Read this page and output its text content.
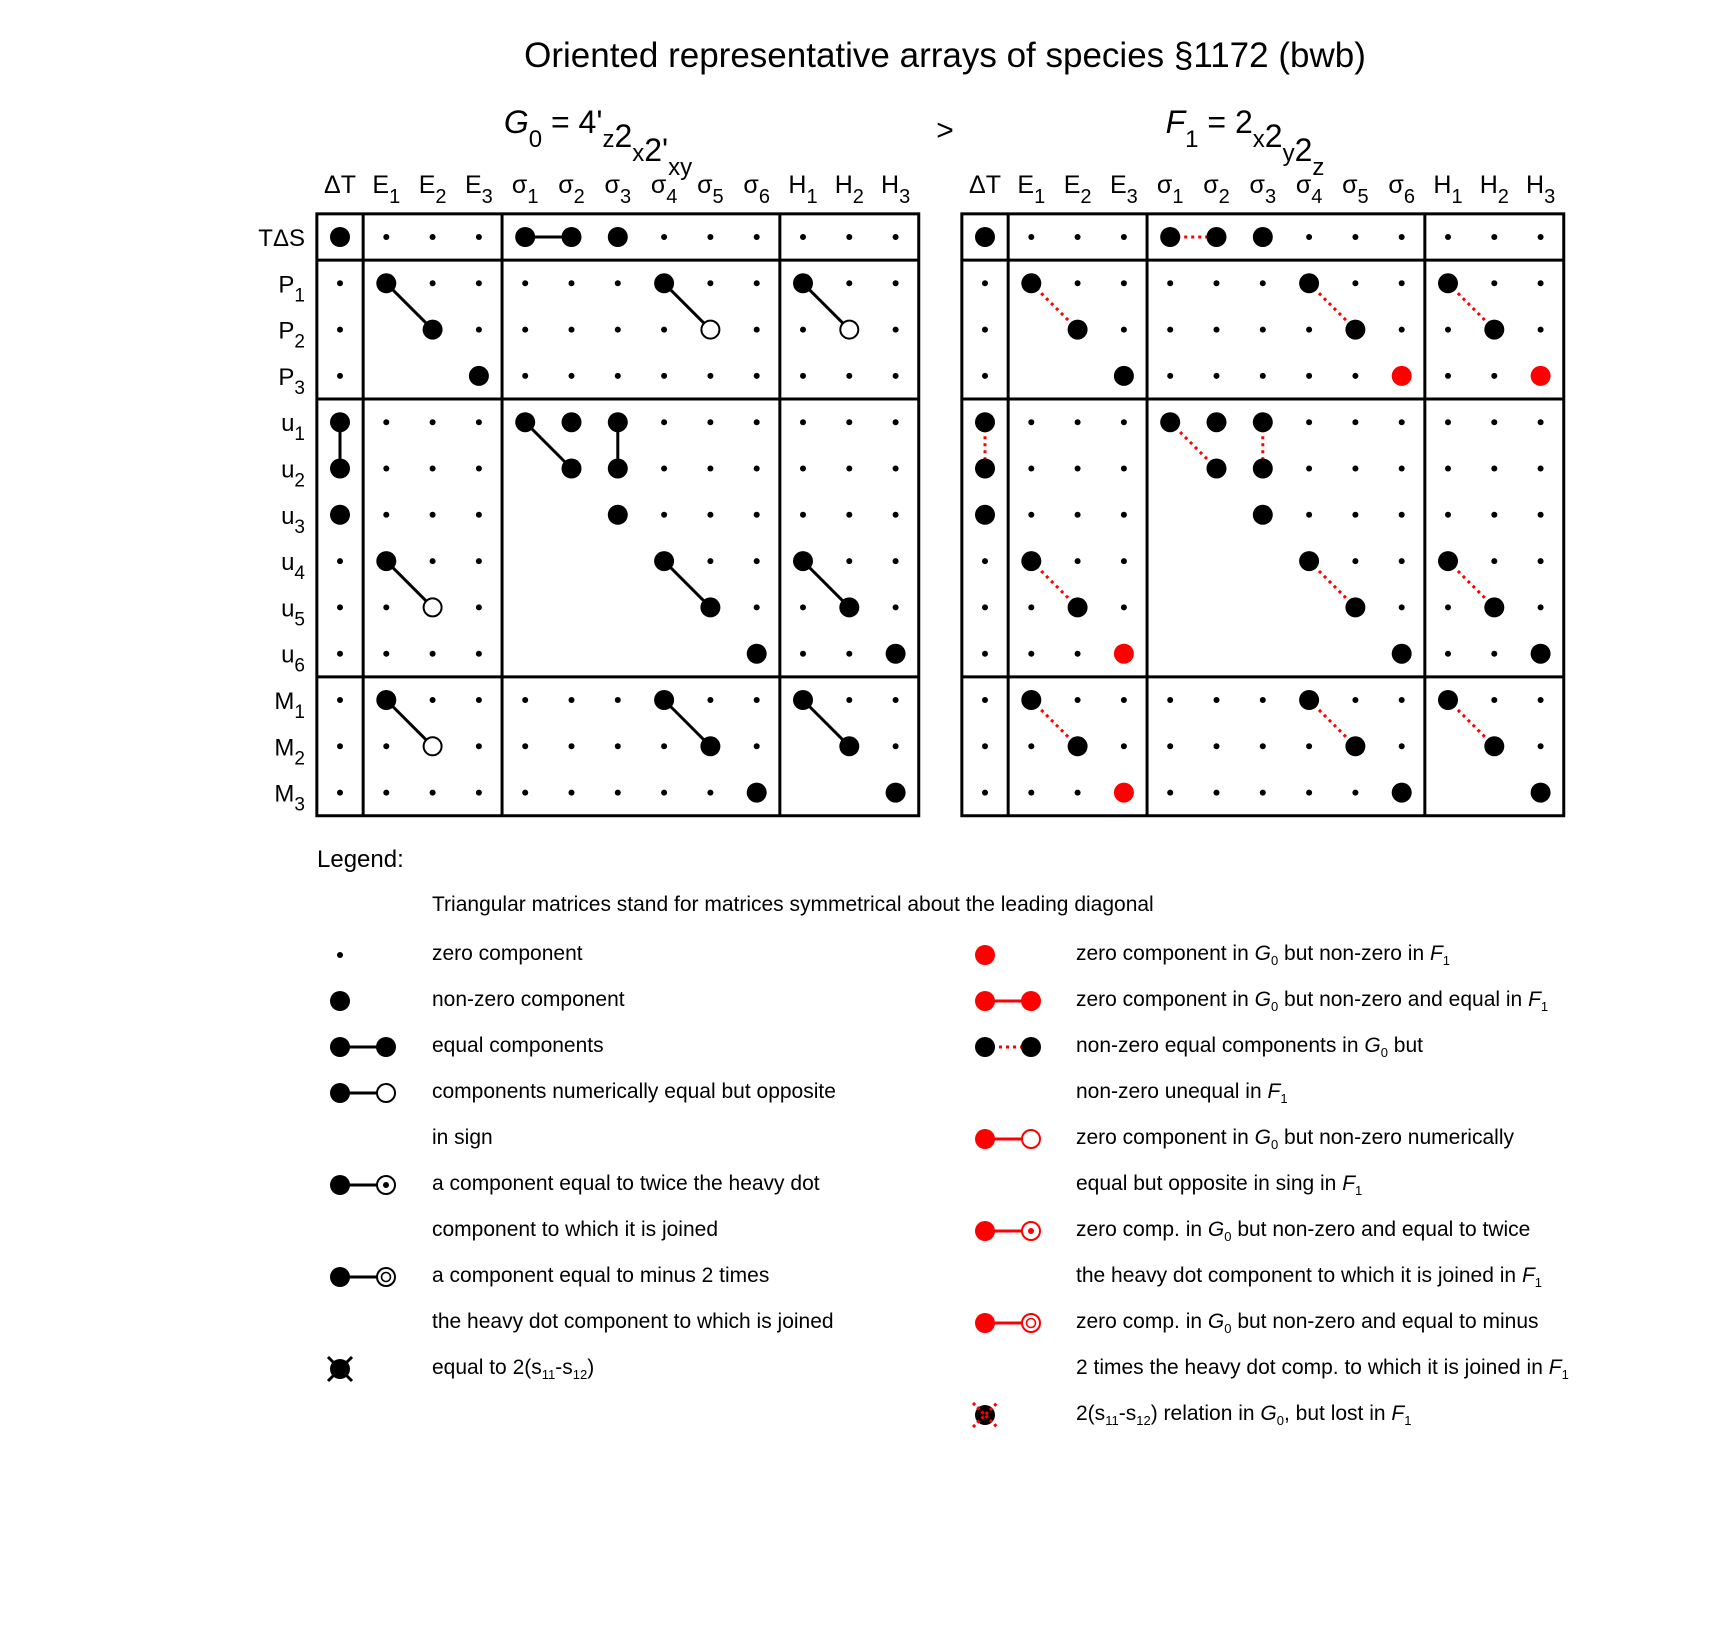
Oriented representative arrays of species §1172 (bwb)
$G_0 = 4'_z2_x2'_{xy}$
$F_1 = 2_x2_y2_z$
>
ΔT $E_1$ $E_2$ $E_3$ $\sigma_1$ $\sigma_2$ $\sigma_3$ $\sigma_4$ $\sigma_5$ $\sigma_6$ $H_1$ $H_2$ $H_3$ ΔT $E_1$ $E_2$ $E_3$ $\sigma_1$ $\sigma_2$ $\sigma_3$ $\sigma_4$ $\sigma_5$ $\sigma_6$ $H_1$ $H_2$ $H_3$
TΔS
$P_1$
$P_2$
$P_3$
$u_1$
$u_2$
$u_3$
$u_4$
$u_5$
$u_6$
$M_1$
$M_2$
$M_3$
Legend:
Triangular matrices stand for matrices symmetrical about the leading diagonal
zero component
non-zero component
equal components
components numerically equal but opposite
in sign
a component equal to twice the heavy dot
component to which it is joined
a component equal to minus 2 times
the heavy dot component to which is joined
equal to $2(s_{11}-s_{12})$
zero component in $G_0$ but non-zero in $F_1$
zero component in $G_0$ but non-zero and equal in $F_1$
non-zero equal components in $G_0$ but
non-zero unequal in $F_1$
zero component in $G_0$ but non-zero numerically
equal but opposite in sing in $F_1$
zero comp. in $G_0$ but non-zero and equal to twice
the heavy dot component to which it is joined in $F_1$
zero comp. in $G_0$ but non-zero and equal to minus
2 times the heavy dot comp. to which it is joined in $F_1$
$2(s_{11}-s_{12})$ relation in $G_0$, but lost in $F_1$
